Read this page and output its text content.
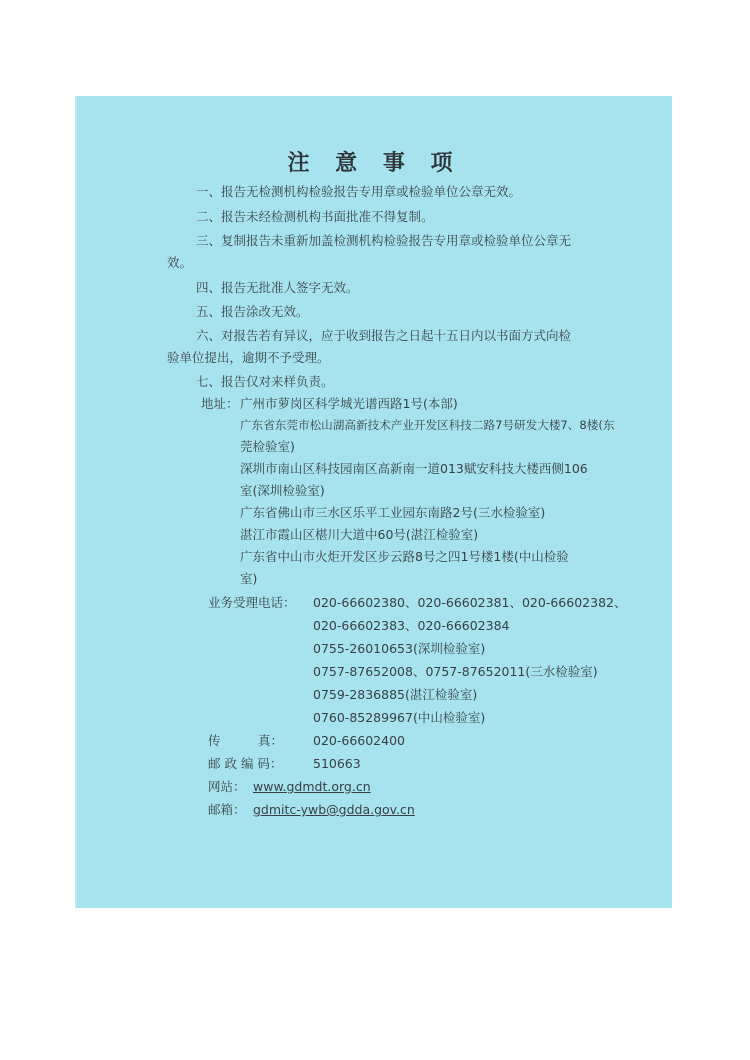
注 意 事 项
一、报告无检测机构检验报告专用章或检验单位公章无效。
二、报告未经检测机构书面批准不得复制。
三、复制报告未重新加盖检测机构检验报告专用章或检验单位公章无
效。
四、报告无批准人签字无效。
五、报告涂改无效。
六、对报告若有异议，应于收到报告之日起十五日内以书面方式向检
验单位提出，逾期不予受理。
七、报告仅对来样负责。
地址： 广州市萝岗区科学城光谱西路1号(本部)
广东省东莞市松山湖高新技术产业开发区科技二路7号研发大楼7、8楼(东
莞检验室)
深圳市南山区科技园南区高新南一道013赋安科技大楼西侧106
室(深圳检验室)
广东省佛山市三水区乐平工业园东南路2号(三水检验室)
湛江市霞山区椹川大道中60号(湛江检验室)
广东省中山市火炬开发区步云路8号之四1号楼1楼(中山检验
室)
业务受理电话： 020-66602380、020-66602381、020-66602382、
020-66602383、020-66602384
0755-26010653(深圳检验室)
0757-87652008、0757-87652011(三水检验室)
0759-2836885(湛江检验室)
0760-85289967(中山检验室)
传　　　真： 020-66602400
邮 政 编 码： 510663
网站： www.gdmdt.org.cn
邮箱： gdmitc-ywb@gdda.gov.cn
